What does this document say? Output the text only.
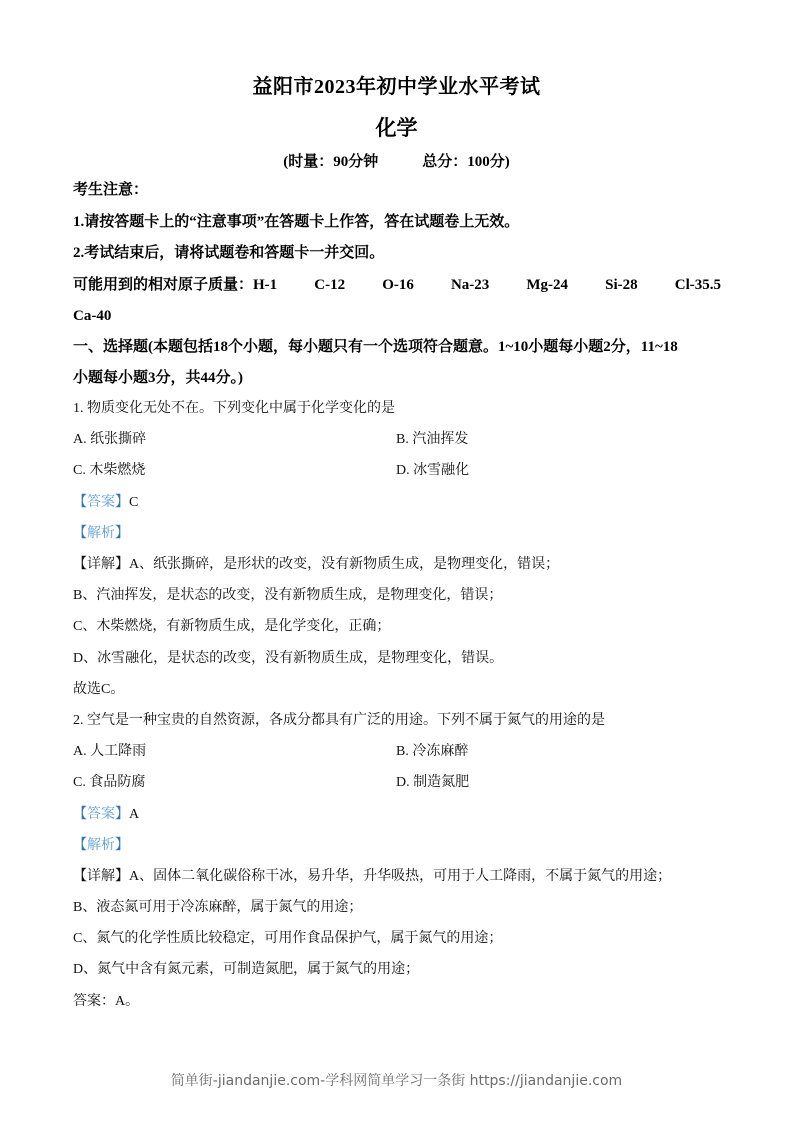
益阳市2023年初中学业水平考试
化学
(时量：90分钟	总分：100分)
考生注意：
1.请按答题卡上的“注意事项”在答题卡上作答，答在试题卷上无效。
2.考试结束后，请将试题卷和答题卡一并交回。
可能用到的相对原子质量：H-1 C-12 O-16 Na-23 Mg-24 Si-28 Cl-35.5
Ca-40
一、选择题(本题包括18个小题，每小题只有一个选项符合题意。1~10小题每小题2分，11~18
小题每小题3分，共44分。)
1. 物质变化无处不在。下列变化中属于化学变化的是
A. 纸张撕碎	B. 汽油挥发
C. 木柴燃烧	D. 冰雪融化
【答案】C
【解析】
【详解】A、纸张撕碎，是形状的改变，没有新物质生成，是物理变化，错误；
B、汽油挥发，是状态的改变，没有新物质生成，是物理变化，错误；
C、木柴燃烧，有新物质生成，是化学变化，正确；
D、冰雪融化，是状态的改变，没有新物质生成，是物理变化，错误。
故选C。
2. 空气是一种宝贵的自然资源，各成分都具有广泛的用途。下列不属于氮气的用途的是
A. 人工降雨	B. 冷冻麻醉
C. 食品防腐	D. 制造氮肥
【答案】A
【解析】
【详解】A、固体二氧化碳俗称干冰，易升华，升华吸热，可用于人工降雨，不属于氮气的用途；
B、液态氮可用于冷冻麻醉，属于氮气的用途；
C、氮气的化学性质比较稳定，可用作食品保护气，属于氮气的用途；
D、氮气中含有氮元素，可制造氮肥，属于氮气的用途；
答案：A。
简单街-jiandanjie.com-学科网简单学习一条街 https://jiandanjie.com
